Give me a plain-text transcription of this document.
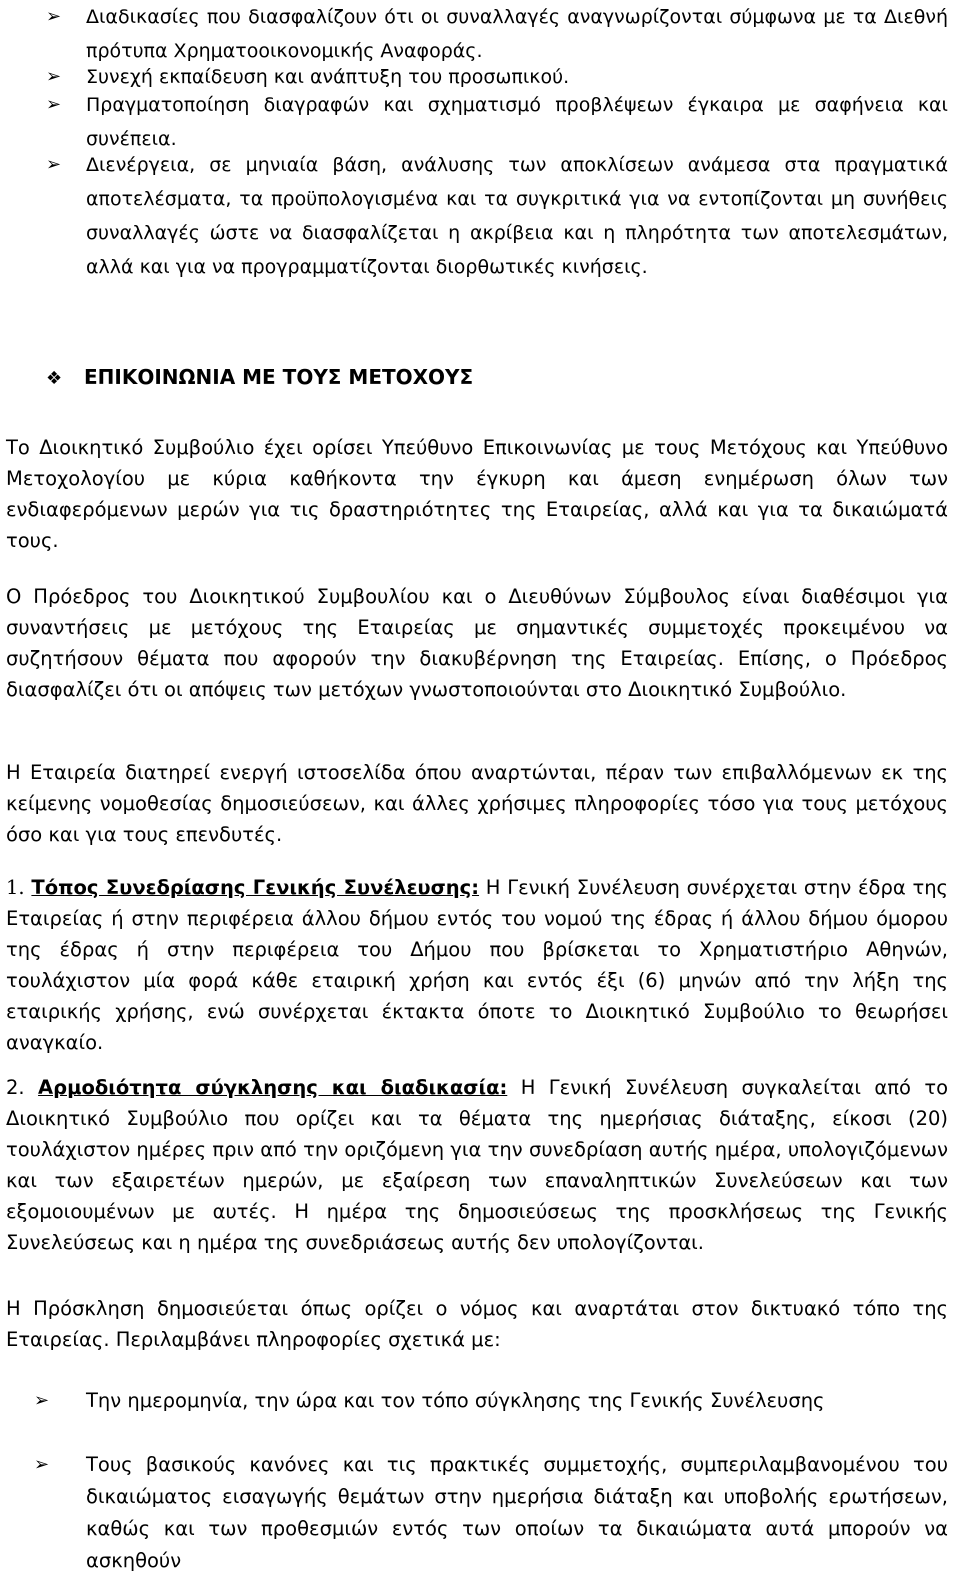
➢ Διαδικασίες που διασφαλίζουν ότι οι συναλλαγές αναγνωρίζονται σύμφωνα με τα Διεθνή πρότυπα Χρηματοοικονομικής Αναφοράς.
➢ Συνεχή εκπαίδευση και ανάπτυξη του προσωπικού.
➢ Πραγματοποίηση διαγραφών και σχηματισμό προβλέψεων έγκαιρα με σαφήνεια και συνέπεια.
➢ Διενέργεια, σε μηνιαία βάση, ανάλυσης των αποκλίσεων ανάμεσα στα πραγματικά αποτελέσματα, τα προϋπολογισμένα και τα συγκριτικά για να εντοπίζονται μη συνήθεις συναλλαγές ώστε να διασφαλίζεται η ακρίβεια και η πληρότητα των αποτελεσμάτων, αλλά και για να προγραμματίζονται διορθωτικές κινήσεις.
❖ ΕΠΙΚΟΙΝΩΝΙΑ ΜΕ ΤΟΥΣ ΜΕΤΟΧΟΥΣ
Το Διοικητικό Συμβούλιο έχει ορίσει Υπεύθυνο Επικοινωνίας με τους Μετόχους και Υπεύθυνο Μετοχολογίου με κύρια καθήκοντα την έγκυρη και άμεση ενημέρωση όλων των ενδιαφερόμενων μερών για τις δραστηριότητες της Εταιρείας, αλλά και για τα δικαιώματά τους.
Ο Πρόεδρος του Διοικητικού Συμβουλίου και ο Διευθύνων Σύμβουλος είναι διαθέσιμοι για συναντήσεις με μετόχους της Εταιρείας με σημαντικές συμμετοχές προκειμένου να συζητήσουν θέματα που αφορούν την διακυβέρνηση της Εταιρείας. Επίσης, ο Πρόεδρος διασφαλίζει ότι οι απόψεις των μετόχων γνωστοποιούνται στο Διοικητικό Συμβούλιο.
Η Εταιρεία διατηρεί ενεργή ιστοσελίδα όπου αναρτώνται, πέραν των επιβαλλόμενων εκ της κείμενης νομοθεσίας δημοσιεύσεων, και άλλες χρήσιμες πληροφορίες τόσο για τους μετόχους όσο και για τους επενδυτές.
1. Τόπος Συνεδρίασης Γενικής Συνέλευσης: Η Γενική Συνέλευση συνέρχεται στην έδρα της Εταιρείας ή στην περιφέρεια άλλου δήμου εντός του νομού της έδρας ή άλλου δήμου όμορου της έδρας ή στην περιφέρεια του Δήμου που βρίσκεται το Χρηματιστήριο Αθηνών, τουλάχιστον μία φορά κάθε εταιρική χρήση και εντός έξι (6) μηνών από την λήξη της εταιρικής χρήσης, ενώ συνέρχεται έκτακτα όποτε το Διοικητικό Συμβούλιο το θεωρήσει αναγκαίο.
2. Αρμοδιότητα σύγκλησης και διαδικασία: Η Γενική Συνέλευση συγκαλείται από το Διοικητικό Συμβούλιο που ορίζει και τα θέματα της ημερήσιας διάταξης, είκοσι (20) τουλάχιστον ημέρες πριν από την οριζόμενη για την συνεδρίαση αυτής ημέρα, υπολογιζόμενων και των εξαιρετέων ημερών, με εξαίρεση των επαναληπτικών Συνελεύσεων και των εξομοιουμένων με αυτές. Η ημέρα της δημοσιεύσεως της προσκλήσεως της Γενικής Συνελεύσεως και η ημέρα της συνεδριάσεως αυτής δεν υπολογίζονται.
Η Πρόσκληση δημοσιεύεται όπως ορίζει ο νόμος και αναρτάται στον δικτυακό τόπο της Εταιρείας. Περιλαμβάνει πληροφορίες σχετικά με:
➢ Την ημερομηνία, την ώρα και τον τόπο σύγκλησης της Γενικής Συνέλευσης
➢ Τους βασικούς κανόνες και τις πρακτικές συμμετοχής, συμπεριλαμβανομένου του δικαιώματος εισαγωγής θεμάτων στην ημερήσια διάταξη και υποβολής ερωτήσεων, καθώς και των προθεσμιών εντός των οποίων τα δικαιώματα αυτά μπορούν να ασκηθούν
